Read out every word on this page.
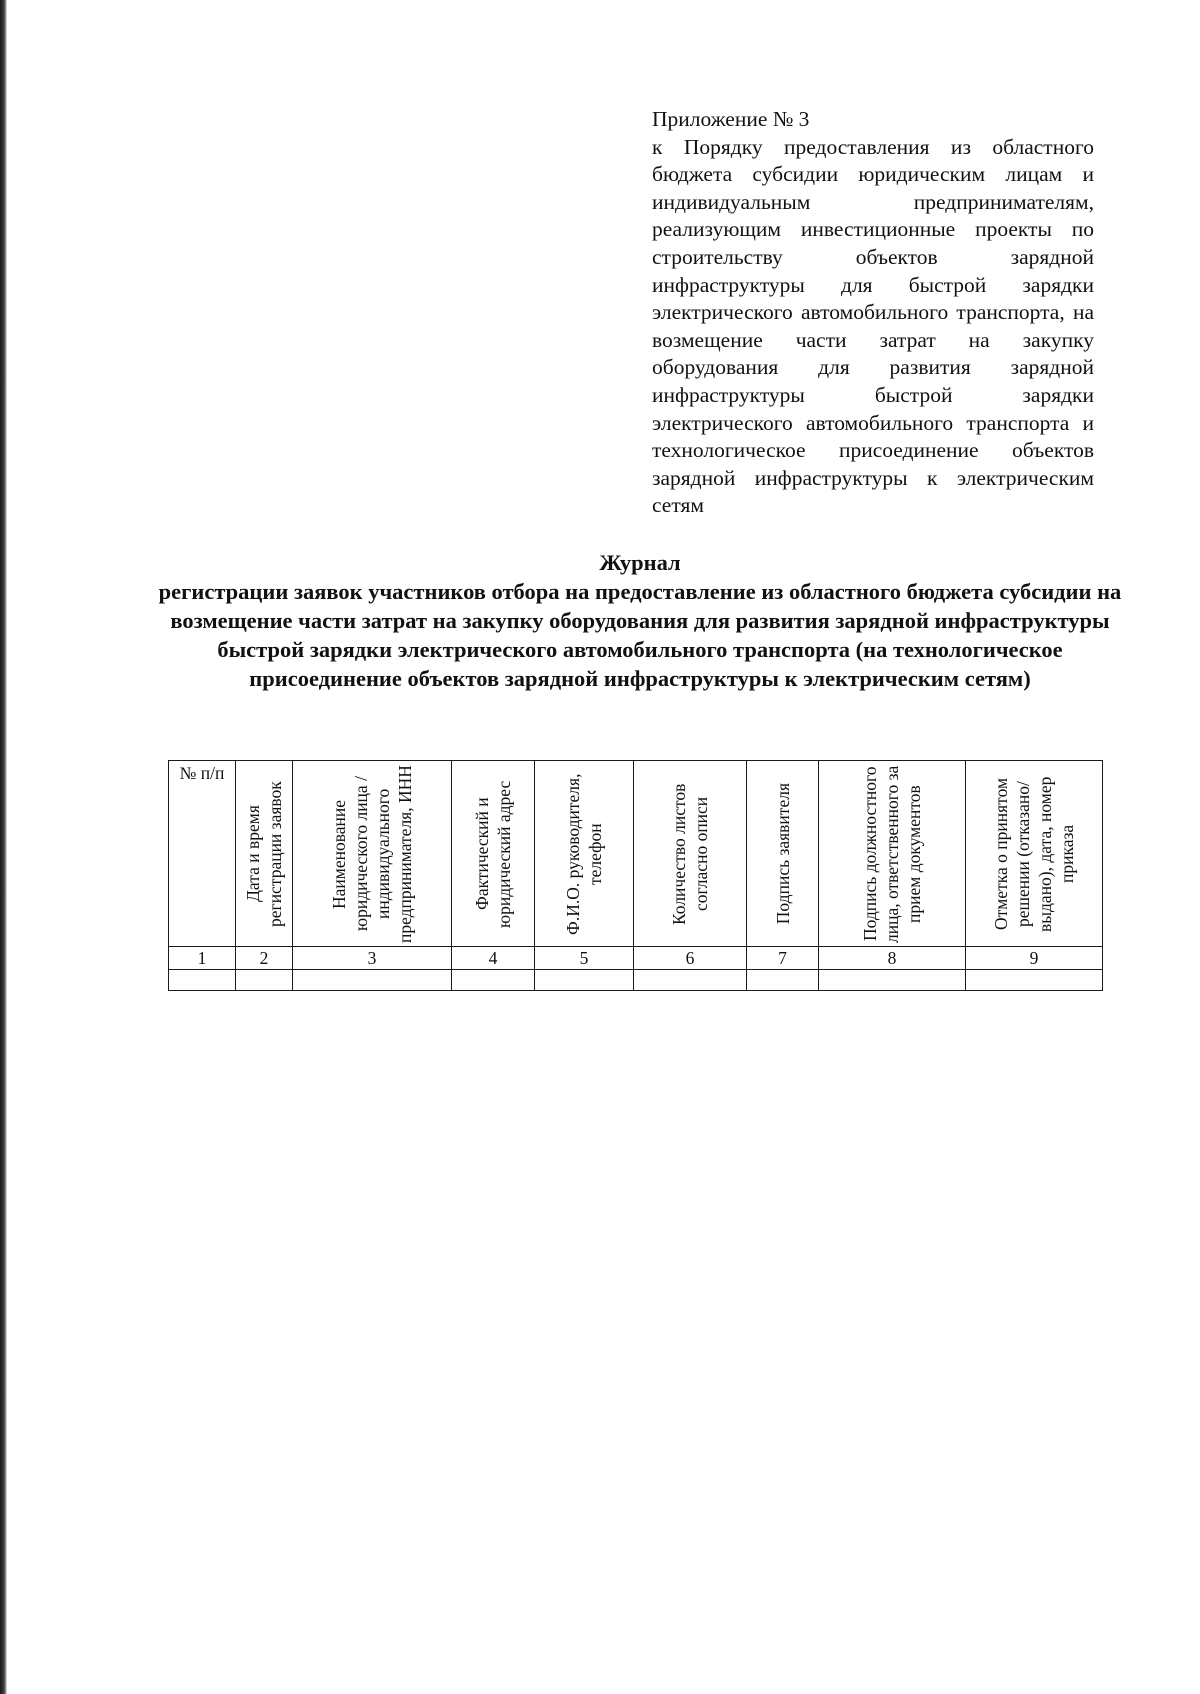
Приложение № 3
к Порядку предоставления из областного бюджета субсидии юридическим лицам и индивидуальным предпринимателям, реализующим инвестиционные проекты по строительству объектов зарядной инфраструктуры для быстрой зарядки электрического автомобильного транспорта, на возмещение части затрат на закупку оборудования для развития зарядной инфраструктуры быстрой зарядки электрического автомобильного транспорта и технологическое присоединение объектов зарядной инфраструктуры к электрическим сетям
Журнал
регистрации заявок участников отбора на предоставление из областного бюджета субсидии на возмещение части затрат на закупку оборудования для развития зарядной инфраструктуры быстрой зарядки электрического автомобильного транспорта (на технологическое присоединение объектов зарядной инфраструктуры к электрическим сетям)
№ п/п	Дата и время регистрации заявок	Наименование юридического лица / индивидуального предпринимателя, ИНН	Фактический и юридический адрес	Ф.И.О. руководителя, телефон	Количество листов согласно описи	Подпись заявителя	Подпись должностного лица, ответственного за прием документов	Отметка о принятом решении (отказано/выдано), дата, номер приказа

1	2	3	4	5	6	7	8	9
